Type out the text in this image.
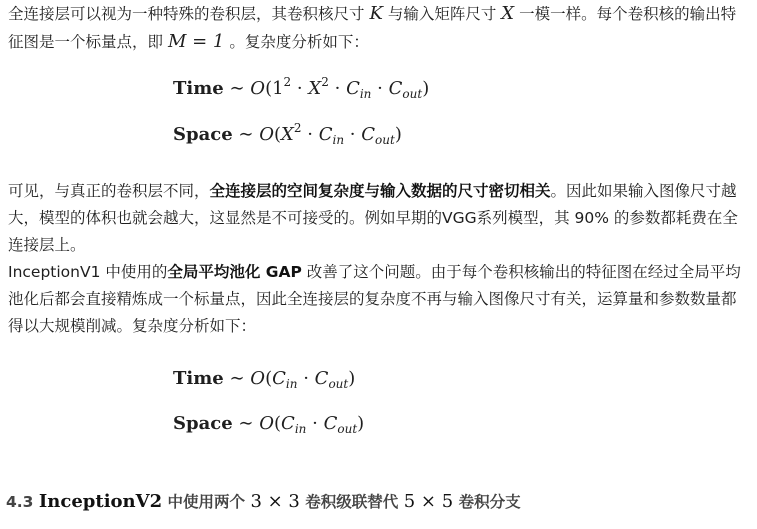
全连接层可以视为一种特殊的卷积层，其卷积核尺寸 K 与输入矩阵尺寸 X 一模一样。每个卷积核的输出特征图是一个标量点，即 M = 1 。复杂度分析如下：

Time ∼ $O(1^2 \cdot X^2 \cdot C_{in} \cdot C_{out})$
Space ∼ $O(X^2 \cdot C_{in} \cdot C_{out})$

可见，与真正的卷积层不同，全连接层的空间复杂度与输入数据的尺寸密切相关。因此如果输入图像尺寸越大，模型的体积也就会越大，这显然是不可接受的。例如早期的VGG系列模型，其 90% 的参数都耗费在全连接层上。

InceptionV1 中使用的全局平均池化 GAP 改善了这个问题。由于每个卷积核输出的特征图在经过全局平均池化后都会直接精炼成一个标量点，因此全连接层的复杂度不再与输入图像尺寸有关，运算量和参数数量都得以大规模削减。复杂度分析如下：

Time ∼ $O(C_{in} \cdot C_{out})$
Space ∼ $O(C_{in} \cdot C_{out})$
4.3 InceptionV2 中使用两个 3 × 3 卷积级联替代 5 × 5 卷积分支
